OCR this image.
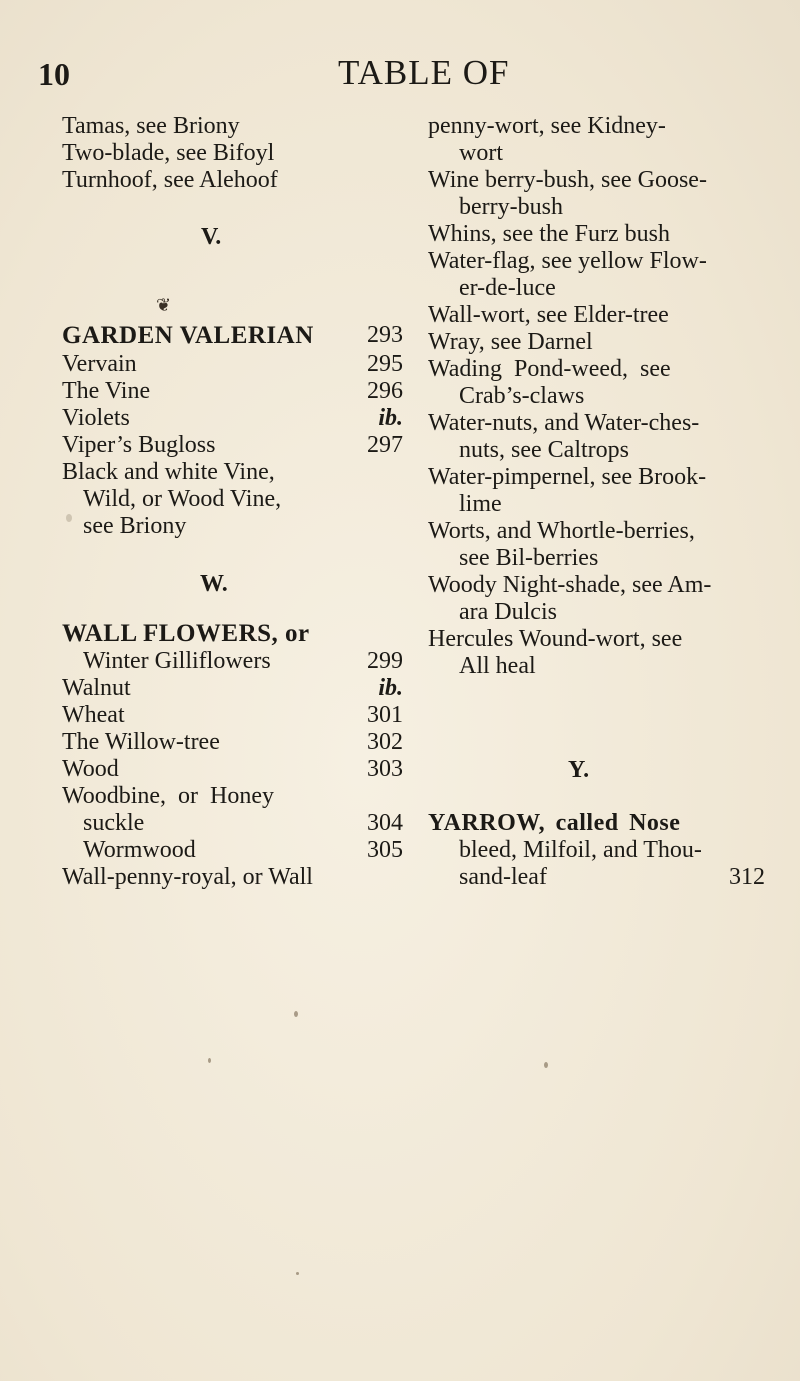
10	TABLE OF
Tamas, see Briony
Two-blade, see Bifoyl
Turnhoof, see Alehoof
V.
❦
GARDEN VALERIAN	293
Vervain	295
The Vine	296
Violets	ib.
Viper’s Bugloss	297
Black and white Vine,
Wild, or Wood Vine,
see Briony
W.
WALL FLOWERS, or
Winter Gilliflowers	299
Walnut	ib.
Wheat	301
The Willow-tree	302
Wood	303
Woodbine, or Honey
suckle	304
Wormwood	305
Wall-penny-royal, or Wall
penny-wort, see Kidney-
wort
Wine berry-bush, see Goose-
berry-bush
Whins, see the Furz bush
Water-flag, see yellow Flow-
er-de-luce
Wall-wort, see Elder-tree
Wray, see Darnel
Wading Pond-weed, see
Crab’s-claws
Water-nuts, and Water-ches-
nuts, see Caltrops
Water-pimpernel, see Brook-
lime
Worts, and Whortle-berries,
see Bil-berries
Woody Night-shade, see Am-
ara Dulcis
Hercules Wound-wort, see
All heal
Y.
YARROW, called Nose
bleed, Milfoil, and Thou-
sand-leaf	312
